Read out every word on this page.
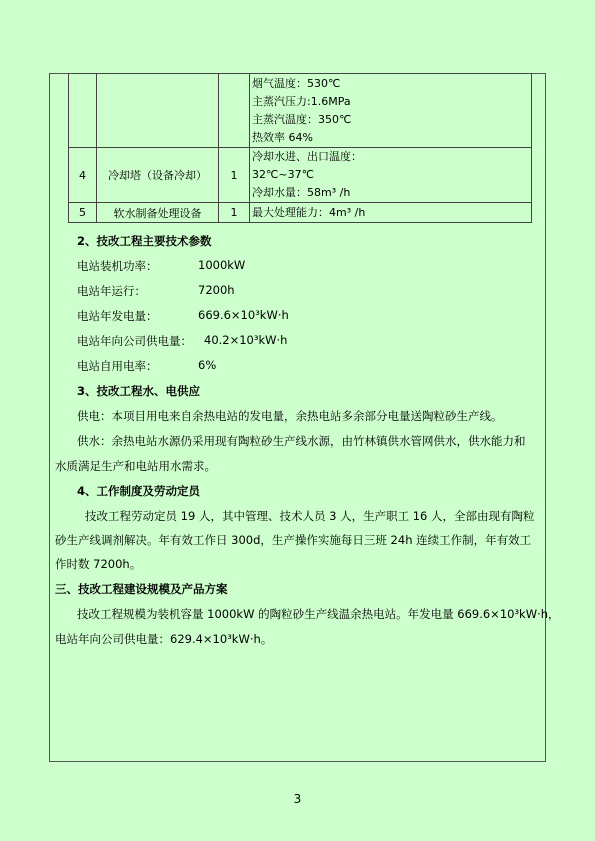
			烟气温度：530℃
主蒸汽压力:1.6MPa
主蒸汽温度：350℃
热效率 64%

4	冷却塔（设备冷却）	1	冷却水进、出口温度：
32℃~37℃
冷却水量：58m³ /h

5	软水制备处理设备	1	最大处理能力：4m³ /h
2、技改工程主要技术参数
电站装机功率：	1000kW
电站年运行：	7200h
电站年发电量：	669.6×10³kW·h
电站年向公司供电量： 40.2×10³kW·h
电站自用电率：	6%
3、技改工程水、电供应
供电：本项目用电来自余热电站的发电量，余热电站多余部分电量送陶粒砂生产线。
供水：余热电站水源仍采用现有陶粒砂生产线水源，由竹林镇供水管网供水，供水能力和
水质满足生产和电站用水需求。
4、工作制度及劳动定员
技改工程劳动定员 19 人，其中管理、技术人员 3 人，生产职工 16 人，全部由现有陶粒
砂生产线调剂解决。年有效工作日 300d，生产操作实施每日三班 24h 连续工作制，年有效工
作时数 7200h。
三、技改工程建设规模及产品方案
技改工程规模为装机容量 1000kW 的陶粒砂生产线温余热电站。年发电量 669.6×10³kW·h，
电站年向公司供电量：629.4×10³kW·h。
3
